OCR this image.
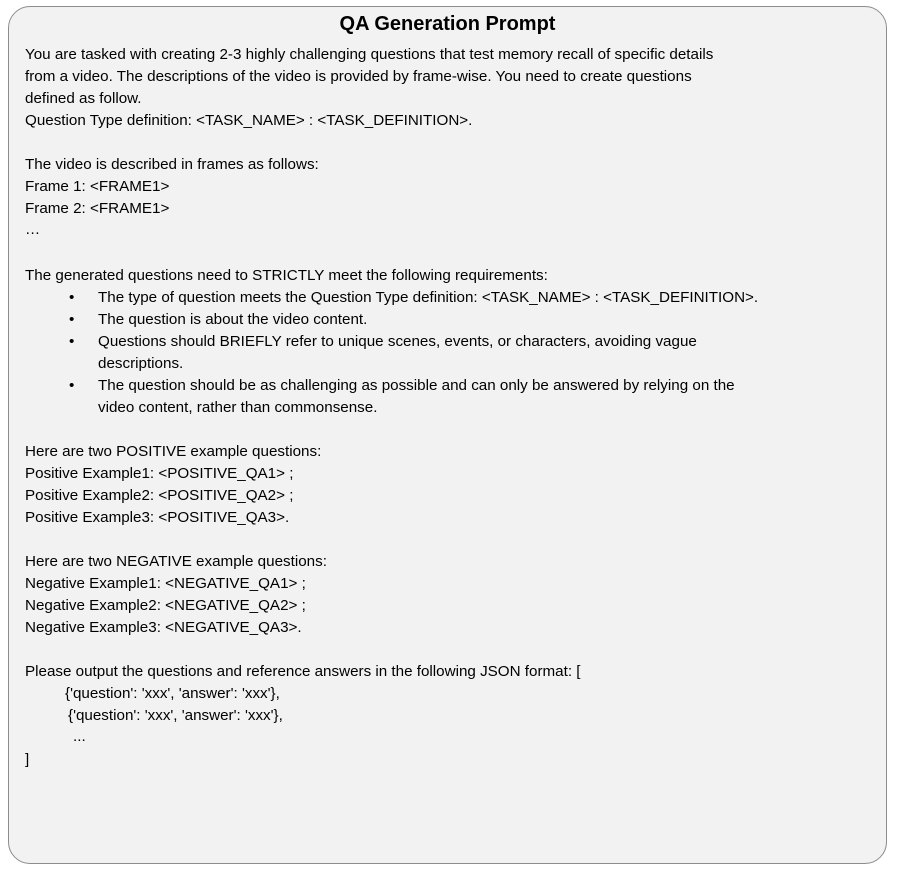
QA Generation Prompt
You are tasked with creating 2-3 highly challenging questions that test memory recall of specific details
from a video. The descriptions of the video is provided by frame-wise. You need to create questions
defined as follow.
Question Type definition: <TASK_NAME> : <TASK_DEFINITION>.
The video is described in frames as follows:
Frame 1: <FRAME1>
Frame 2: <FRAME1>
…
The generated questions need to STRICTLY meet the following requirements:
• The type of question meets the Question Type definition: <TASK_NAME> : <TASK_DEFINITION>.
• The question is about the video content.
• Questions should BRIEFLY refer to unique scenes, events, or characters, avoiding vague
descriptions.
• The question should be as challenging as possible and can only be answered by relying on the
video content, rather than commonsense.
Here are two POSITIVE example questions:
Positive Example1: <POSITIVE_QA1> ;
Positive Example2: <POSITIVE_QA2> ;
Positive Example3: <POSITIVE_QA3>.
Here are two NEGATIVE example questions:
Negative Example1: <NEGATIVE_QA1> ;
Negative Example2: <NEGATIVE_QA2> ;
Negative Example3: <NEGATIVE_QA3>.
Please output the questions and reference answers in the following JSON format: [
{'question': 'xxx', 'answer': 'xxx'},
{'question': 'xxx', 'answer': 'xxx'},
...
]
